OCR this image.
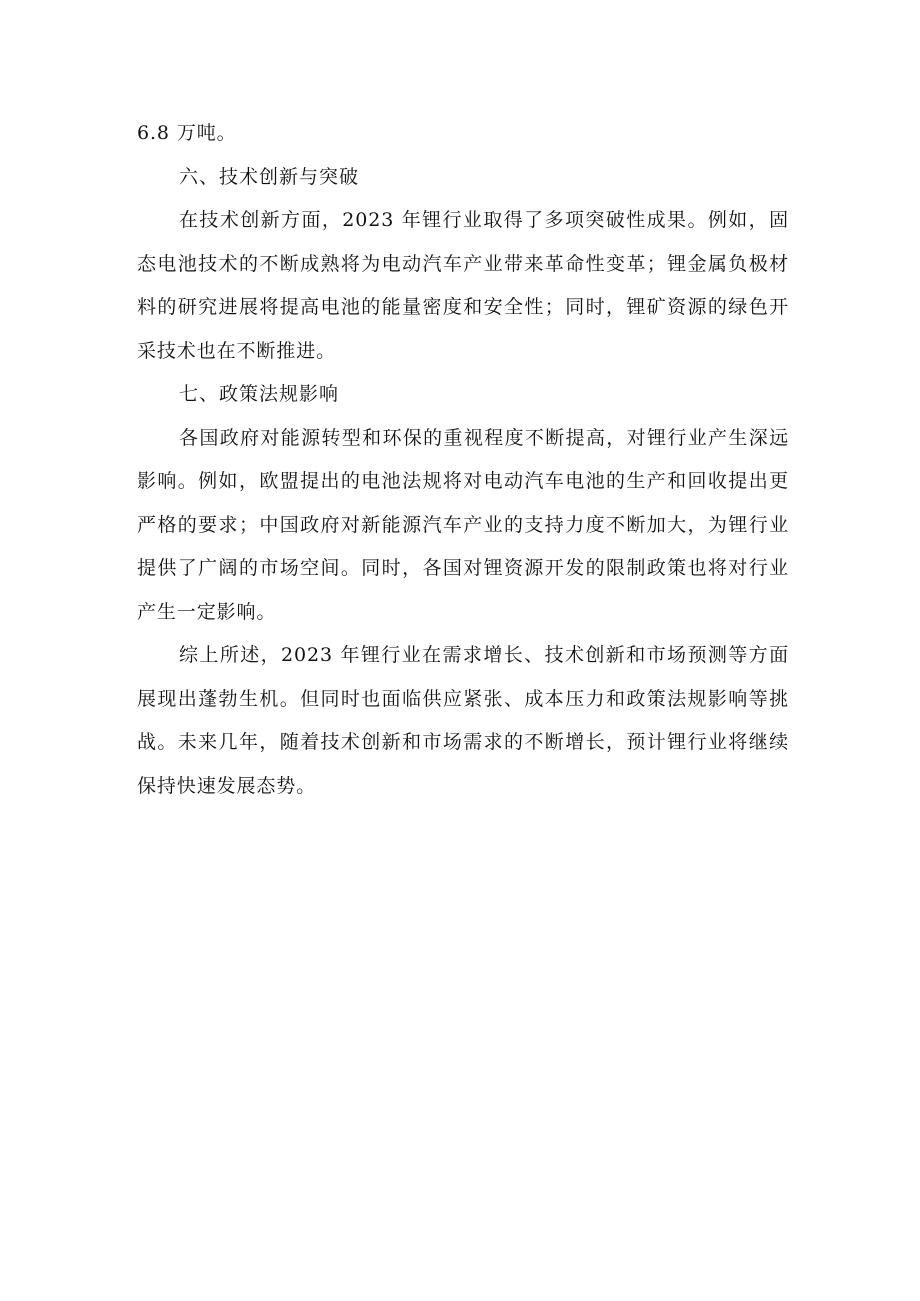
6.8 万吨。

六、技术创新与突破

在技术创新方面，2023 年锂行业取得了多项突破性成果。例如，固态电池技术的不断成熟将为电动汽车产业带来革命性变革；锂金属负极材料的研究进展将提高电池的能量密度和安全性；同时，锂矿资源的绿色开采技术也在不断推进。

七、政策法规影响

各国政府对能源转型和环保的重视程度不断提高，对锂行业产生深远影响。例如，欧盟提出的电池法规将对电动汽车电池的生产和回收提出更严格的要求；中国政府对新能源汽车产业的支持力度不断加大，为锂行业提供了广阔的市场空间。同时，各国对锂资源开发的限制政策也将对行业产生一定影响。

综上所述，2023 年锂行业在需求增长、技术创新和市场预测等方面展现出蓬勃生机。但同时也面临供应紧张、成本压力和政策法规影响等挑战。未来几年，随着技术创新和市场需求的不断增长，预计锂行业将继续保持快速发展态势。
